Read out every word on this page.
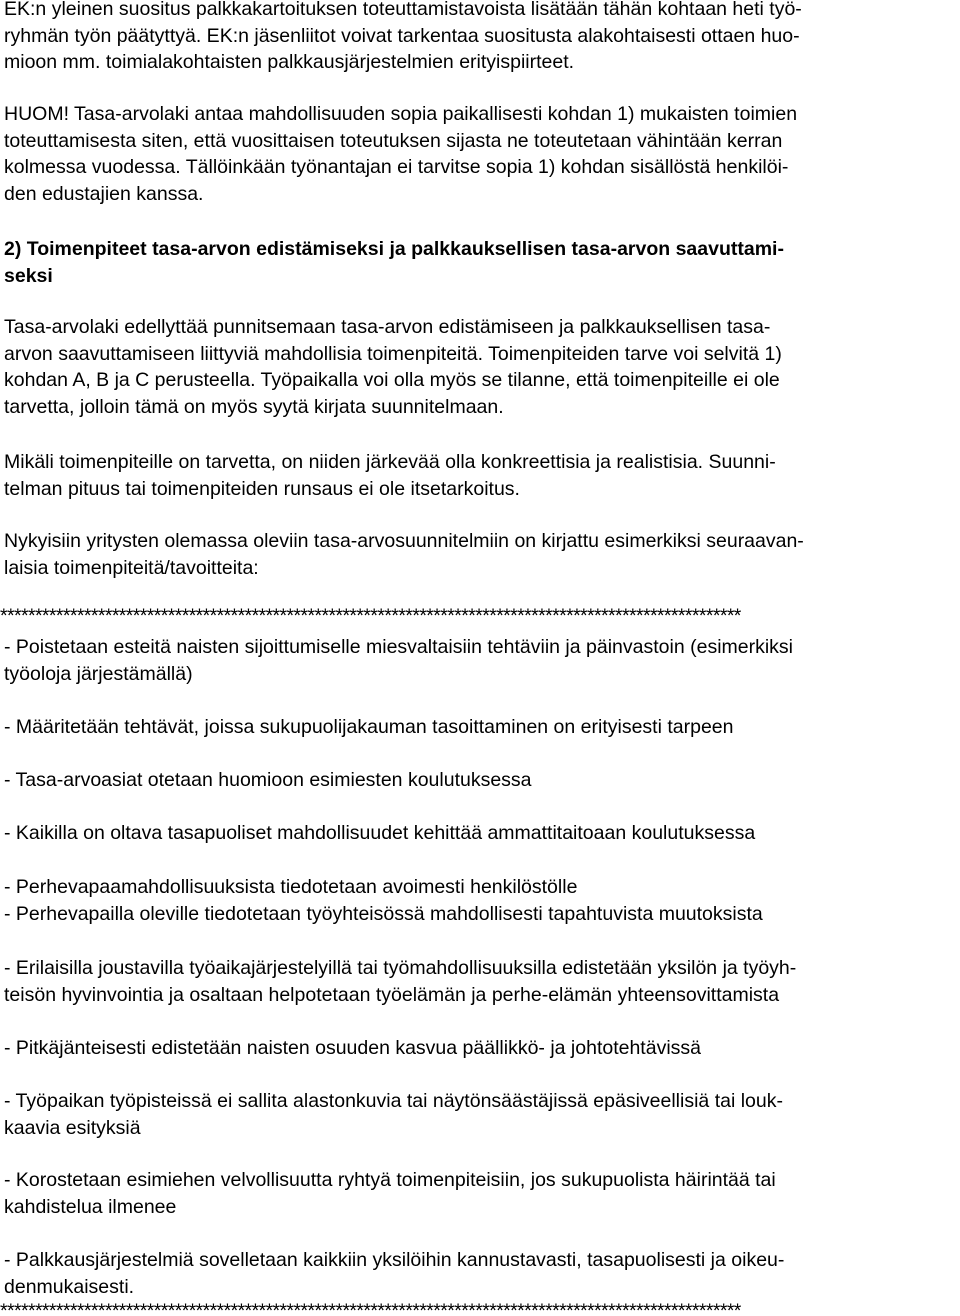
EK:n yleinen suositus palkkakartoituksen toteuttamistavoista lisätään tähän kohtaan heti työ-
ryhmän työn päätyttyä. EK:n jäsenliitot voivat tarkentaa suositusta alakohtaisesti ottaen huo-
mioon mm. toimialakohtaisten palkkausjärjestelmien erityispiirteet.
HUOM! Tasa-arvolaki antaa mahdollisuuden sopia paikallisesti kohdan 1) mukaisten toimien
toteuttamisesta siten, että vuosittaisen toteutuksen sijasta ne toteutetaan vähintään kerran
kolmessa vuodessa. Tällöinkään työnantajan ei tarvitse sopia 1) kohdan sisällöstä henkilöi-
den edustajien kanssa.
2) Toimenpiteet tasa-arvon edistämiseksi ja palkkauksellisen tasa-arvon saavuttami-
seksi
Tasa-arvolaki edellyttää punnitsemaan tasa-arvon edistämiseen ja palkkauksellisen tasa-
arvon saavuttamiseen liittyviä mahdollisia toimenpiteitä. Toimenpiteiden tarve voi selvitä 1)
kohdan A, B ja C perusteella. Työpaikalla voi olla myös se tilanne, että toimenpiteille ei ole
tarvetta, jolloin tämä on myös syytä kirjata suunnitelmaan.
Mikäli toimenpiteille on tarvetta, on niiden järkevää olla konkreettisia ja realistisia. Suunni-
telman pituus tai toimenpiteiden runsaus ei ole itsetarkoitus.
Nykyisiin yritysten olemassa oleviin tasa-arvosuunnitelmiin on kirjattu esimerkiksi seuraavan-
laisia toimenpiteitä/tavoitteita:
**********************************************************************************************************
- Poistetaan esteitä naisten sijoittumiselle miesvaltaisiin tehtäviin ja päinvastoin (esimerkiksi
työoloja järjestämällä)
- Määritetään tehtävät, joissa sukupuolijakauman tasoittaminen on erityisesti tarpeen
- Tasa-arvoasiat otetaan huomioon esimiesten koulutuksessa
- Kaikilla on oltava tasapuoliset mahdollisuudet kehittää ammattitaitoaan koulutuksessa
- Perhevapaamahdollisuuksista tiedotetaan avoimesti henkilöstölle
- Perhevapailla oleville tiedotetaan työyhteisössä mahdollisesti tapahtuvista muutoksista
- Erilaisilla joustavilla työaikajärjestelyillä tai työmahdollisuuksilla edistetään yksilön ja työyh-
teisön hyvinvointia ja osaltaan helpotetaan työelämän ja perhe-elämän yhteensovittamista
- Pitkäjänteisesti edistetään naisten osuuden kasvua päällikkö- ja johtotehtävissä
- Työpaikan työpisteissä ei sallita alastonkuvia tai näytönsäästäjissä epäsiveellisiä tai louk-
kaavia esityksiä
- Korostetaan esimiehen velvollisuutta ryhtyä toimenpiteisiin, jos sukupuolista häirintää tai
kahdistelua ilmenee
- Palkkausjärjestelmiä sovelletaan kaikkiin yksilöihin kannustavasti, tasapuolisesti ja oikeu-
denmukaisesti.
**********************************************************************************************************
